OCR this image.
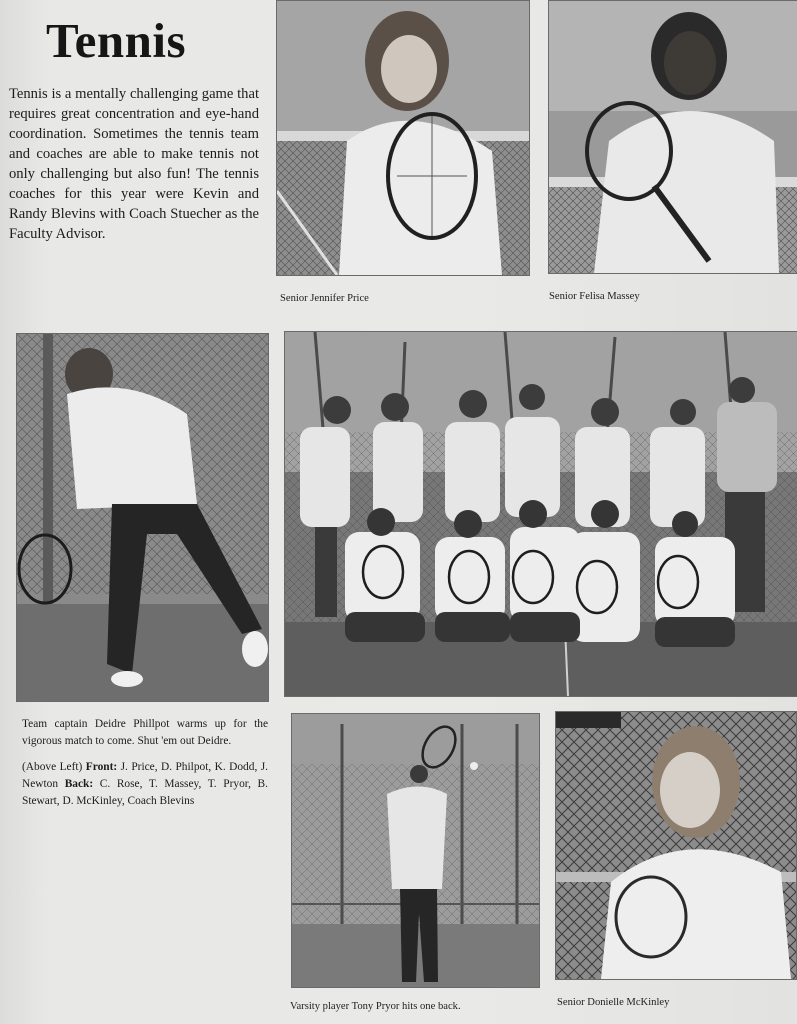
Tennis

Tennis is a mentally challenging game that requires great concentration and eye-hand coordination. Sometimes the tennis team and coaches are able to make tennis not only challenging but also fun! The tennis coaches for this year were Kevin and Randy Blevins with Coach Stuecher as the Faculty Advisor.

Senior Jennifer Price	Senior Felisa Massey

Team captain Deidre Phillpot warms up for the vigorous match to come. Shut 'em out Deidre.

(Above Left) Front: J. Price, D. Philpot, K. Dodd, J. Newton Back: C. Rose, T. Massey, T. Pryor, B. Stewart, D. McKinley, Coach Blevins

Varsity player Tony Pryor hits one back.	Senior Donielle McKinley
